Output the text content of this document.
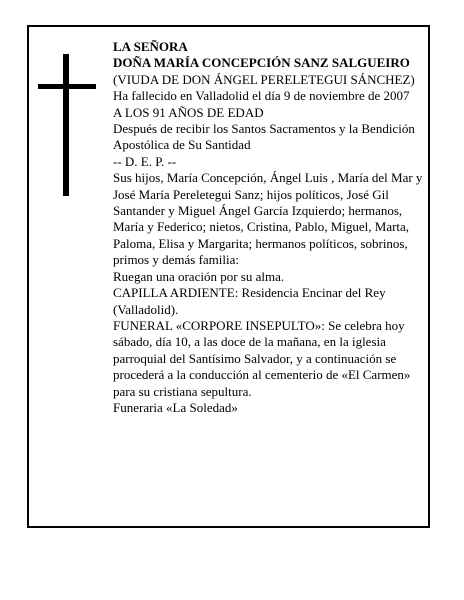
LA SEÑORA

DOÑA MARÍA CONCEPCIÓN SANZ SALGUEIRO

(VIUDA DE DON ÁNGEL PERELETEGUI SÁNCHEZ)

Ha fallecido en Valladolid el día 9 de noviembre de 2007

A LOS 91 AÑOS DE EDAD

Después de recibir los Santos Sacramentos y la Bendición Apostólica de Su Santidad

-- D. E. P. --

Sus hijos, María Concepción, Ángel Luis , María del Mar y José María Pereletegui Sanz; hijos políticos, José Gil Santander y Miguel Ángel García Izquierdo; hermanos, María y Federico; nietos, Cristina, Pablo, Miguel, Marta, Paloma, Elisa y Margarita; hermanos políticos, sobrinos, primos y demás familia:

Ruegan una oración por su alma.

CAPILLA ARDIENTE: Residencia Encinar del Rey (Valladolid).

FUNERAL «CORPORE INSEPULTO»: Se celebra hoy sábado, día 10, a las doce de la mañana, en la iglesia parroquial del Santísimo Salvador, y a continuación se procederá a la conducción al cementerio de «El Carmen» para su cristiana sepultura.

Funeraria «La Soledad»
